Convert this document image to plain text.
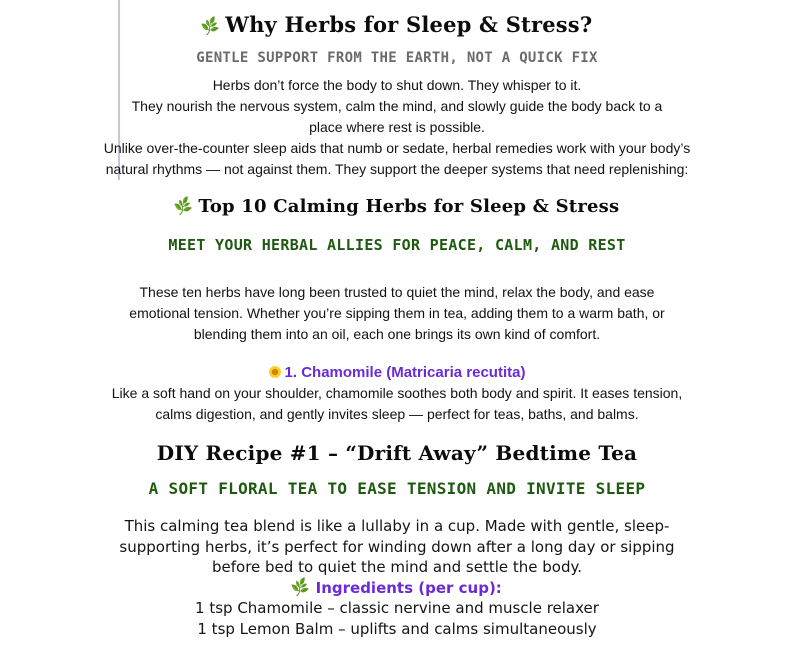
🌿 Why Herbs for Sleep & Stress?
GENTLE SUPPORT FROM THE EARTH, NOT A QUICK FIX
Herbs don’t force the body to shut down. They whisper to it.
They nourish the nervous system, calm the mind, and slowly guide the body back to a
place where rest is possible.
Unlike over-the-counter sleep aids that numb or sedate, herbal remedies work with your body’s
natural rhythms — not against them. They support the deeper systems that need replenishing:
🌿 Top 10 Calming Herbs for Sleep & Stress
MEET YOUR HERBAL ALLIES FOR PEACE, CALM, AND REST
These ten herbs have long been trusted to quiet the mind, relax the body, and ease
emotional tension. Whether you’re sipping them in tea, adding them to a warm bath, or
blending them into an oil, each one brings its own kind of comfort.
1. Chamomile (Matricaria recutita)
Like a soft hand on your shoulder, chamomile soothes both body and spirit. It eases tension,
calms digestion, and gently invites sleep — perfect for teas, baths, and balms.
DIY Recipe #1 – “Drift Away” Bedtime Tea
A SOFT FLORAL TEA TO EASE TENSION AND INVITE SLEEP
This calming tea blend is like a lullaby in a cup. Made with gentle, sleep-
supporting herbs, it’s perfect for winding down after a long day or sipping
before bed to quiet the mind and settle the body.
🌿 Ingredients (per cup):
1 tsp Chamomile – classic nervine and muscle relaxer
1 tsp Lemon Balm – uplifts and calms simultaneously
